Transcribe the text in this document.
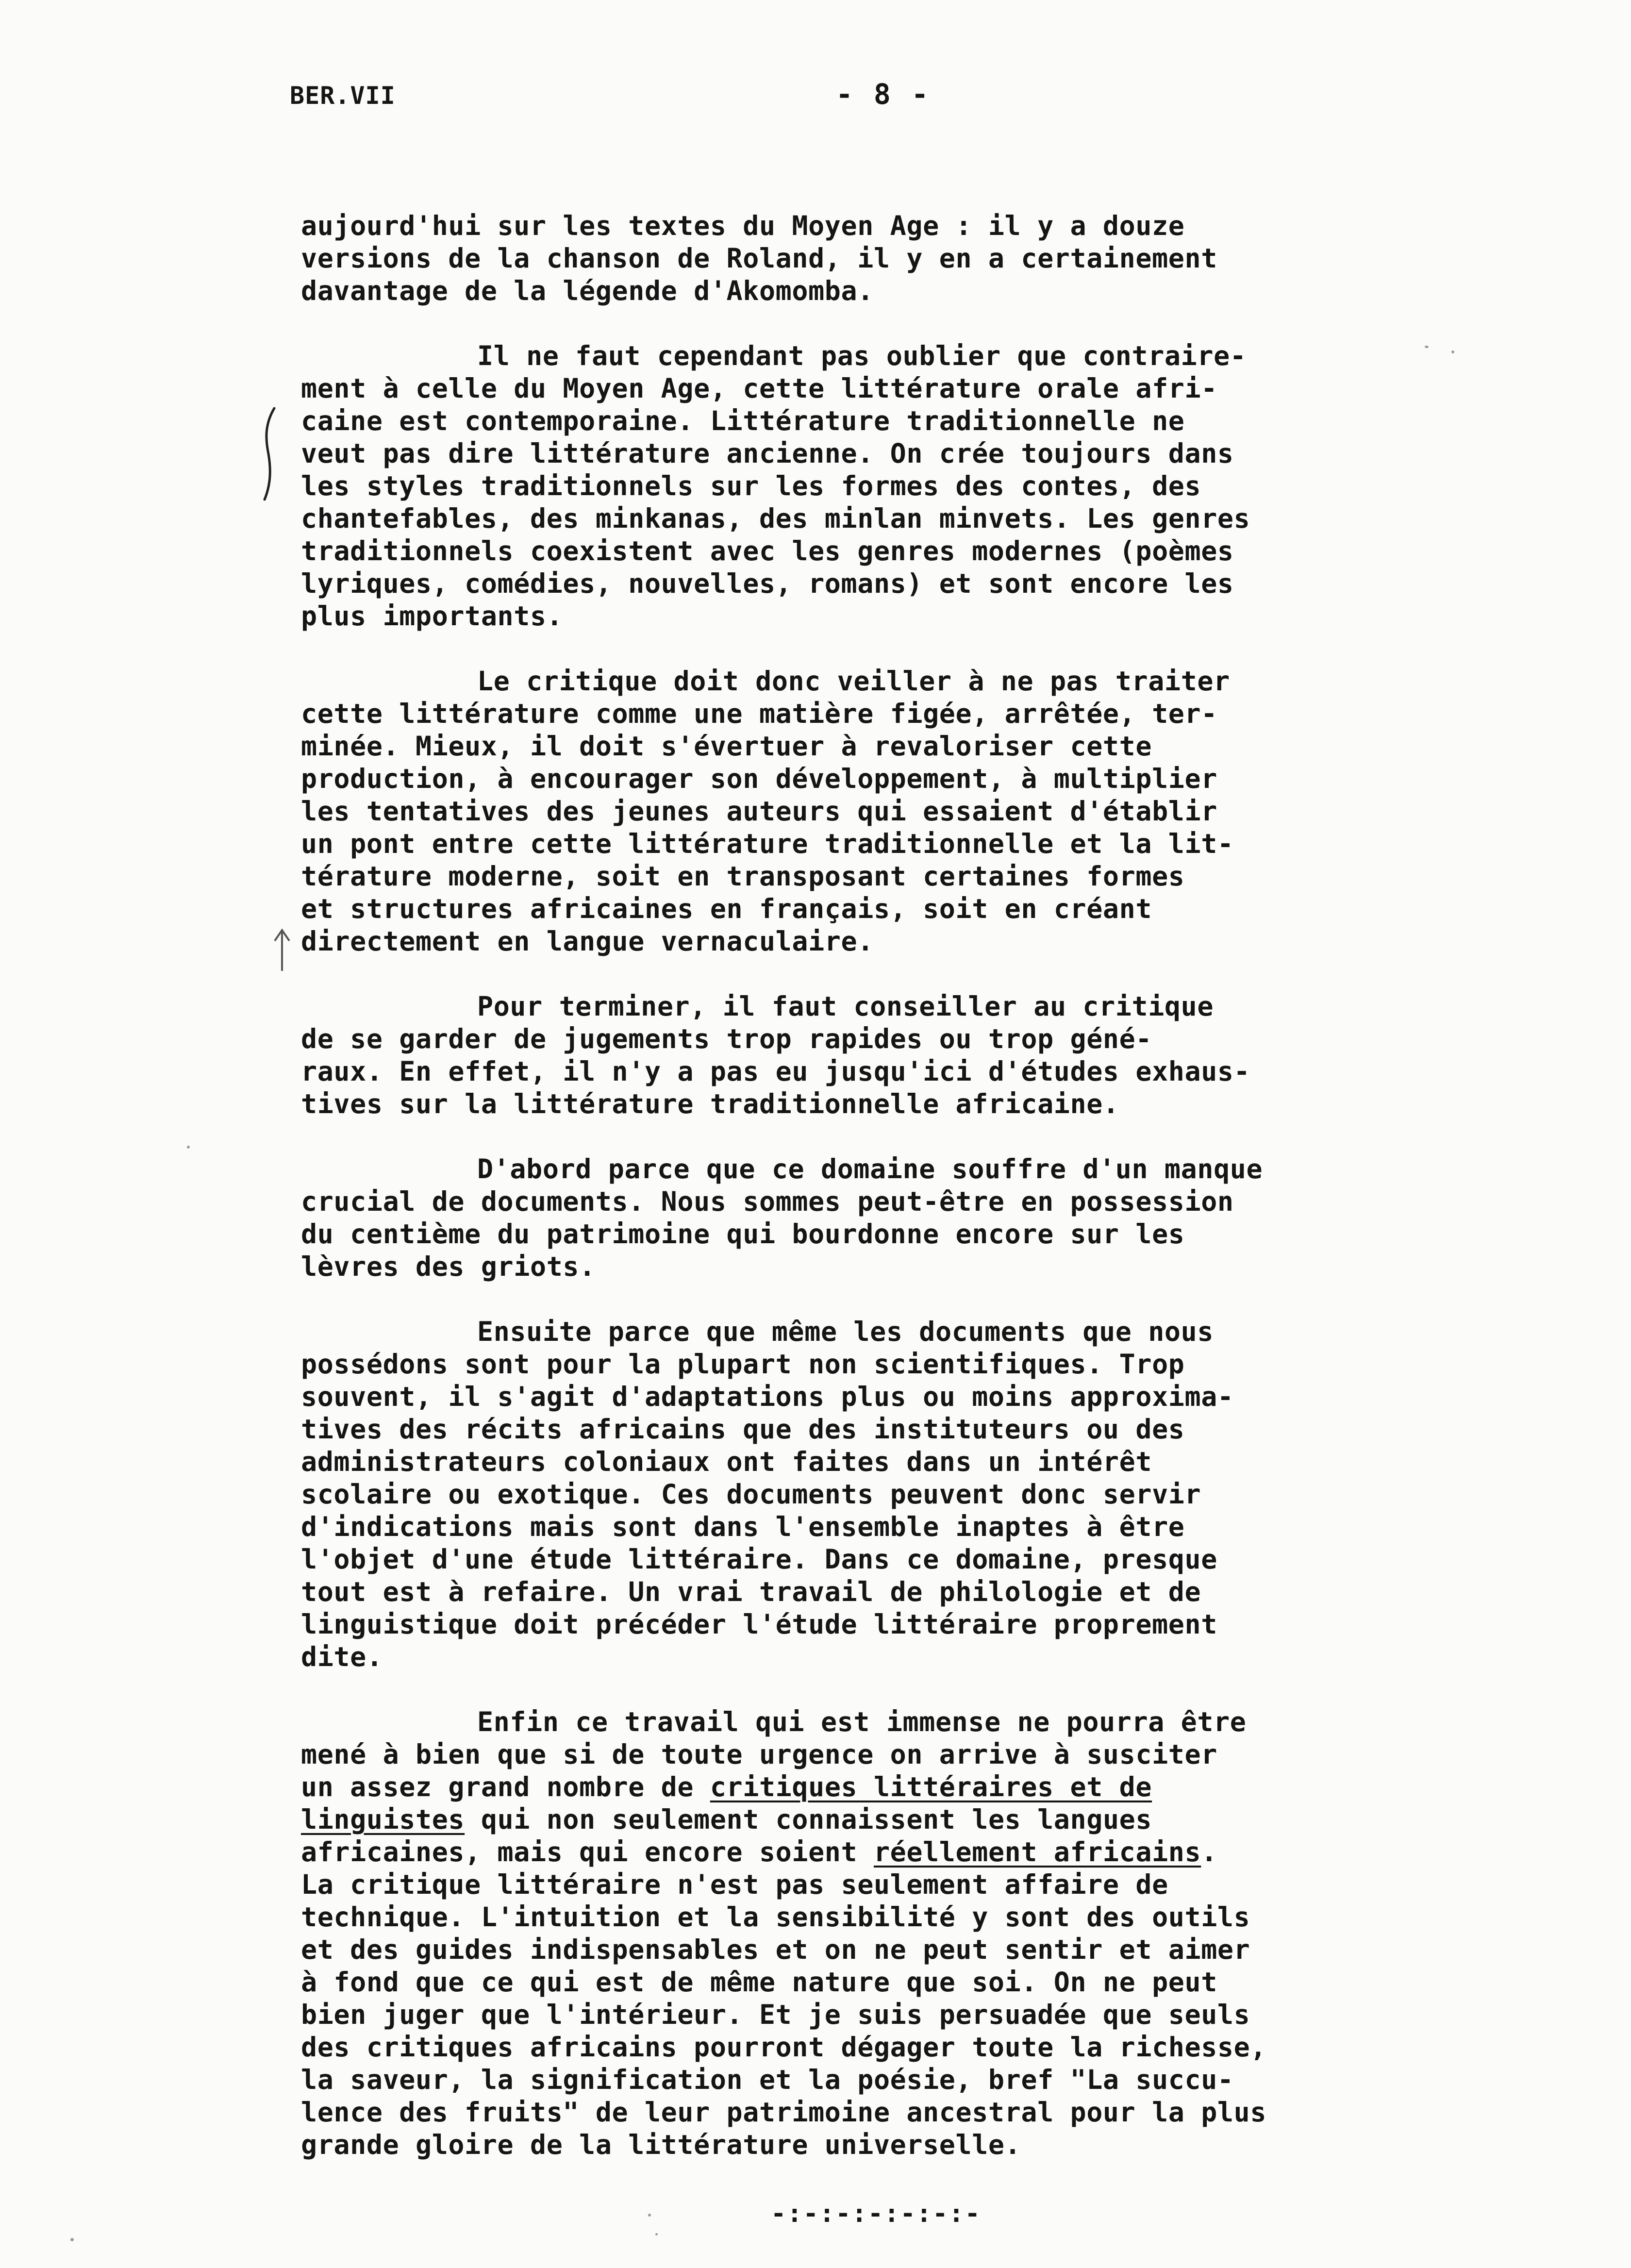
BER.VII	- 8 -
aujourd'hui sur les textes du Moyen Age : il y a douze
versions de la chanson de Roland, il y en a certainement
davantage de la légende d'Akomomba.
Il ne faut cependant pas oublier que contraire-
ment à celle du Moyen Age, cette littérature orale afri-
caine est contemporaine. Littérature traditionnelle ne
veut pas dire littérature ancienne. On crée toujours dans
les styles traditionnels sur les formes des contes, des
chantefables, des minkanas, des minlan minvets. Les genres
traditionnels coexistent avec les genres modernes (poèmes
lyriques, comédies, nouvelles, romans) et sont encore les
plus importants.
Le critique doit donc veiller à ne pas traiter
cette littérature comme une matière figée, arrêtée, ter-
minée. Mieux, il doit s'évertuer à revaloriser cette
production, à encourager son développement, à multiplier
les tentatives des jeunes auteurs qui essaient d'établir
un pont entre cette littérature traditionnelle et la lit-
térature moderne, soit en transposant certaines formes
et structures africaines en français, soit en créant
directement en langue vernaculaire.
Pour terminer, il faut conseiller au critique
de se garder de jugements trop rapides ou trop géné-
raux. En effet, il n'y a pas eu jusqu'ici d'études exhaus-
tives sur la littérature traditionnelle africaine.
D'abord parce que ce domaine souffre d'un manque
crucial de documents. Nous sommes peut-être en possession
du centième du patrimoine qui bourdonne encore sur les
lèvres des griots.
Ensuite parce que même les documents que nous
possédons sont pour la plupart non scientifiques. Trop
souvent, il s'agit d'adaptations plus ou moins approxima-
tives des récits africains que des instituteurs ou des
administrateurs coloniaux ont faites dans un intérêt
scolaire ou exotique. Ces documents peuvent donc servir
d'indications mais sont dans l'ensemble inaptes à être
l'objet d'une étude littéraire. Dans ce domaine, presque
tout est à refaire. Un vrai travail de philologie et de
linguistique doit précéder l'étude littéraire proprement
dite.
Enfin ce travail qui est immense ne pourra être
mené à bien que si de toute urgence on arrive à susciter
un assez grand nombre de critiques littéraires et de
linguistes qui non seulement connaissent les langues
africaines, mais qui encore soient réellement africains.
La critique littéraire n'est pas seulement affaire de
technique. L'intuition et la sensibilité y sont des outils
et des guides indispensables et on ne peut sentir et aimer
à fond que ce qui est de même nature que soi. On ne peut
bien juger que l'intérieur. Et je suis persuadée que seuls
des critiques africains pourront dégager toute la richesse,
la saveur, la signification et la poésie, bref "La succu-
lence des fruits" de leur patrimoine ancestral pour la plus
grande gloire de la littérature universelle.
-:-:-:-:-:-:-
